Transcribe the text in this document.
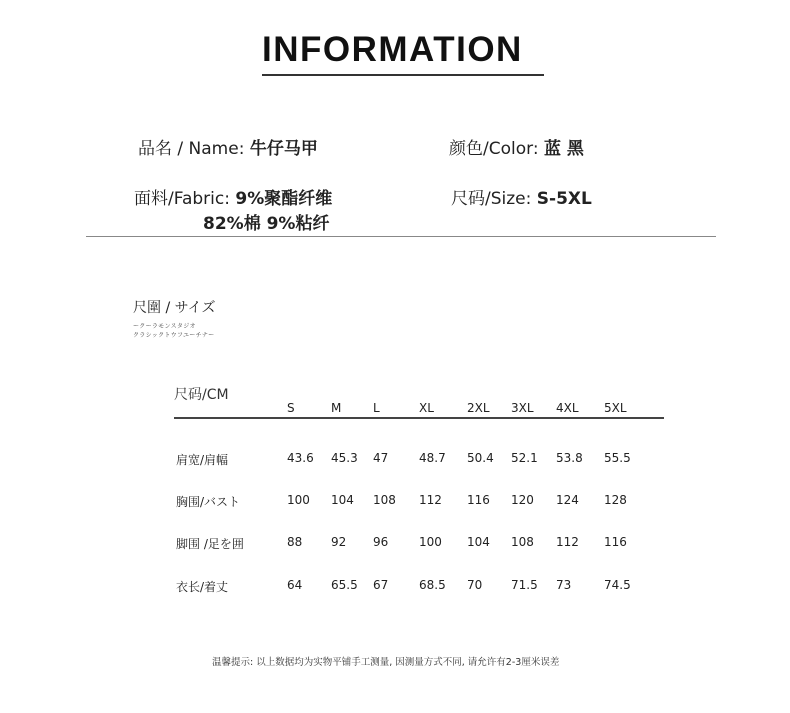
INFORMATION
品名 / Name: 牛仔马甲	颜色/Color: 蓝 黑
面料/Fabric: 9%聚酯纤维
82%棉 9%粘纤
尺码/Size: S-5XL
尺圍 / サイズ
ークーラモンスタジオ
クラシックトウフユーチナー
尺码/CM
S	M	L	XL	2XL 3XL 4XL 5XL
肩宽/肩幅	43.6 45.3 47	48.7 50.4 52.1 53.8 55.5
胸围/バスト	100 104 108 112 116 120 124 128
脚围 /足を囲	88 92 96	100 104 108 112 116
衣长/着丈	64 65.5 67	68.5 70 71.5 73	74.5
温馨提示: 以上数据均为实物平铺手工测量, 因测量方式不同, 请允许有2-3厘米误差
